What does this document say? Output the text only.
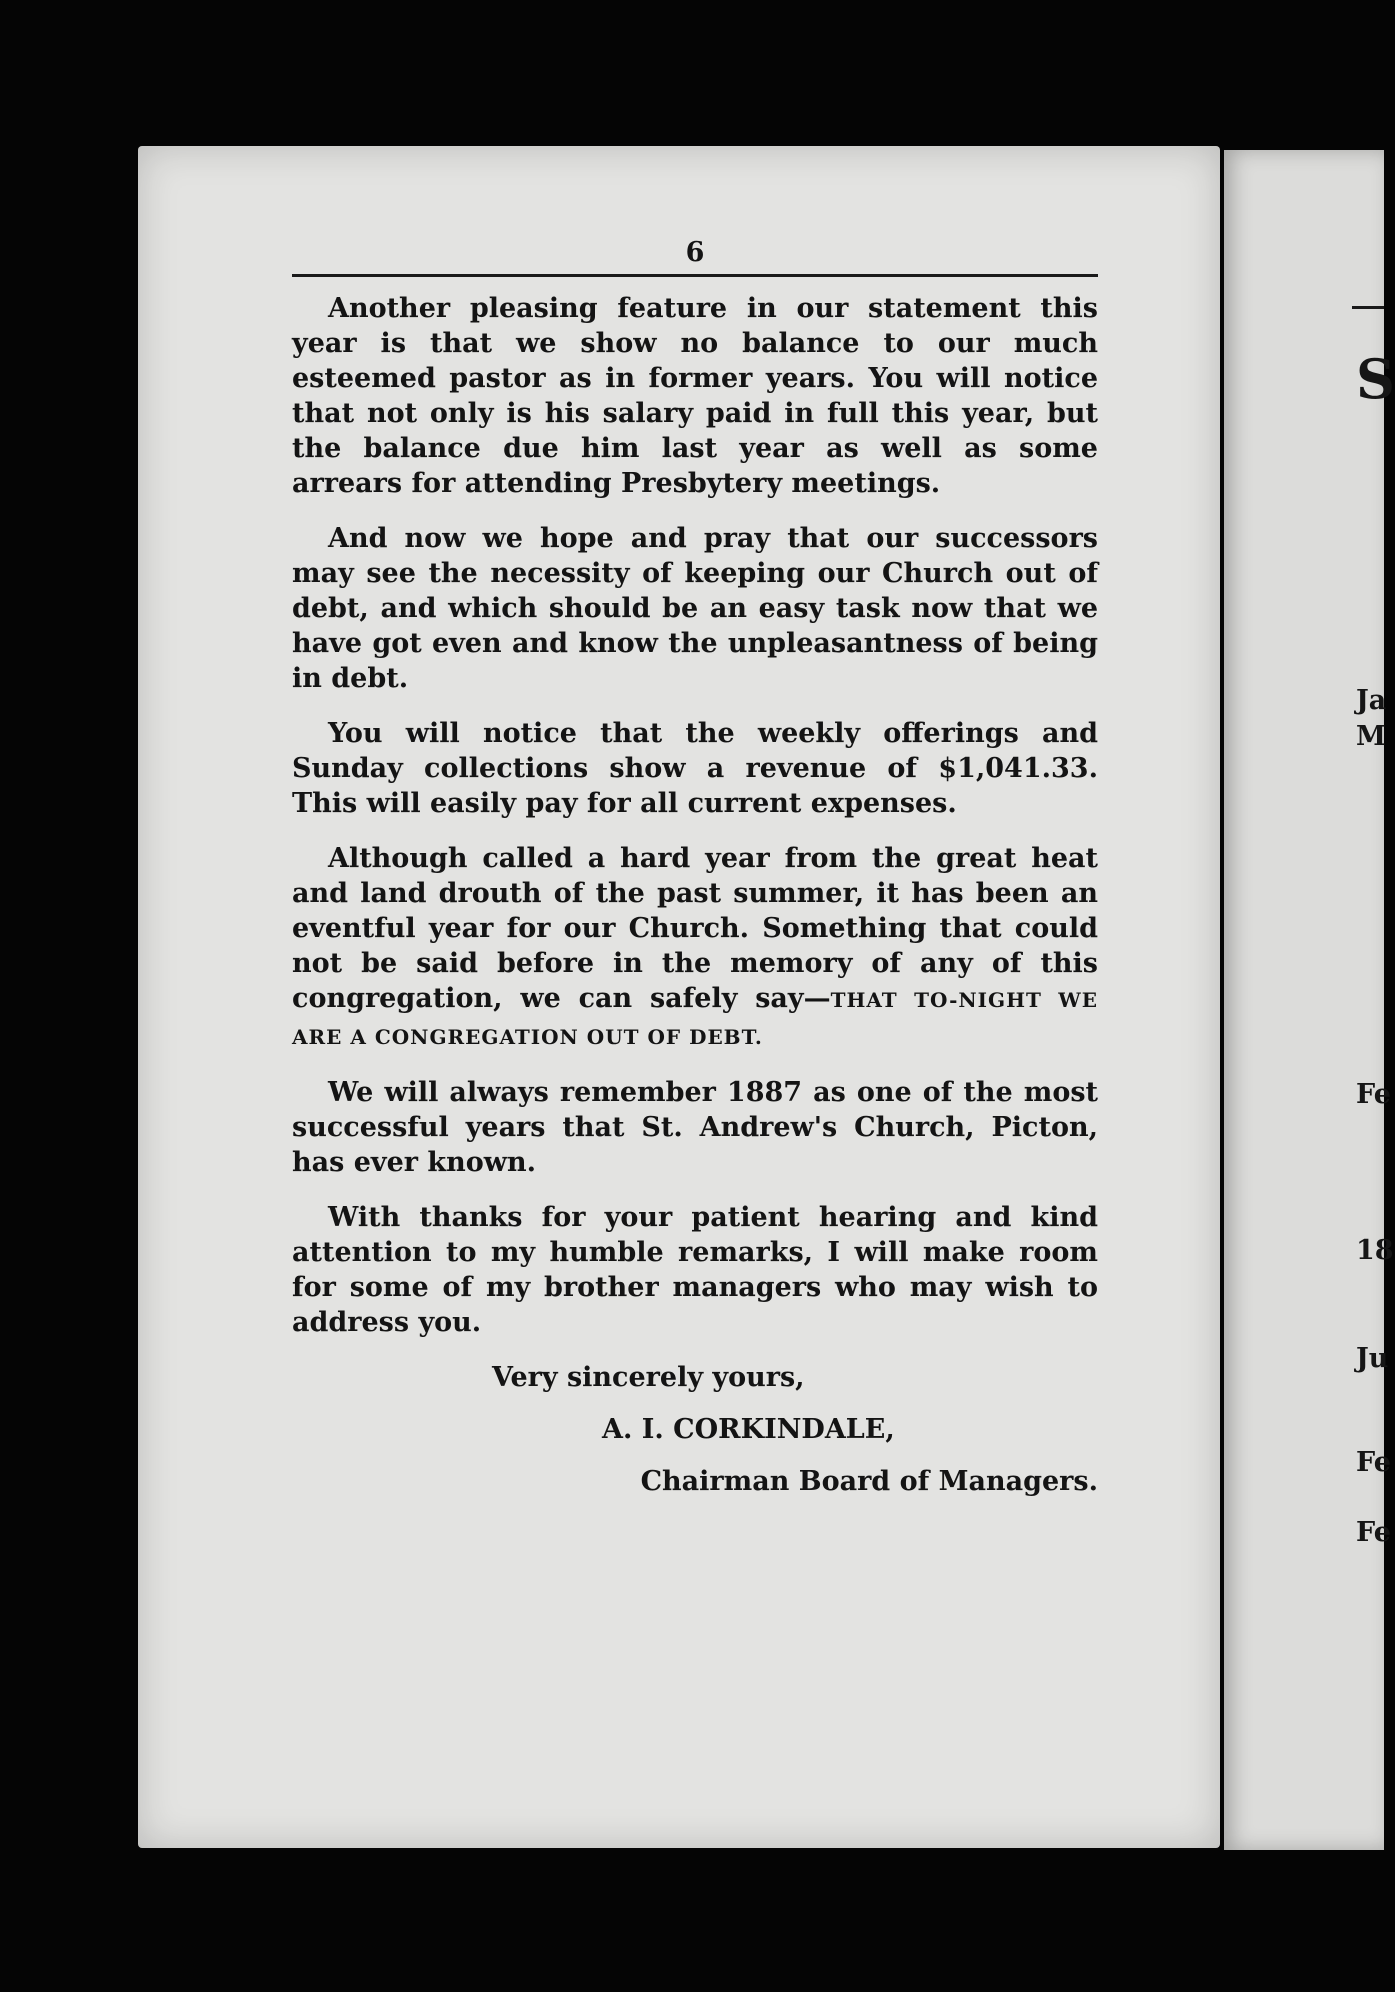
6

Another pleasing feature in our statement this year is that we show no balance to our much esteemed pastor as in former years. You will notice that not only is his salary paid in full this year, but the balance due him last year as well as some arrears for attending Presbytery meetings.

And now we hope and pray that our successors may see the necessity of keeping our Church out of debt, and which should be an easy task now that we have got even and know the unpleasantness of being in debt.

You will notice that the weekly offerings and Sunday collections show a revenue of $1,041.33. This will easily pay for all current expenses.

Although called a hard year from the great heat and land drouth of the past summer, it has been an eventful year for our Church. Something that could not be said before in the memory of any of this congregation, we can safely say—THAT TO-NIGHT WE ARE A CONGREGATION OUT OF DEBT.

We will always remember 1887 as one of the most successful years that St. Andrew's Church, Picton, has ever known.

With thanks for your patient hearing and kind attention to my humble remarks, I will make room for some of my brother managers who may wish to address you.

Very sincerely yours,
A. I. CORKINDALE,
Chairman Board of Managers.
S
Ja
M
Fe
18
Ju
Fe
Fe
